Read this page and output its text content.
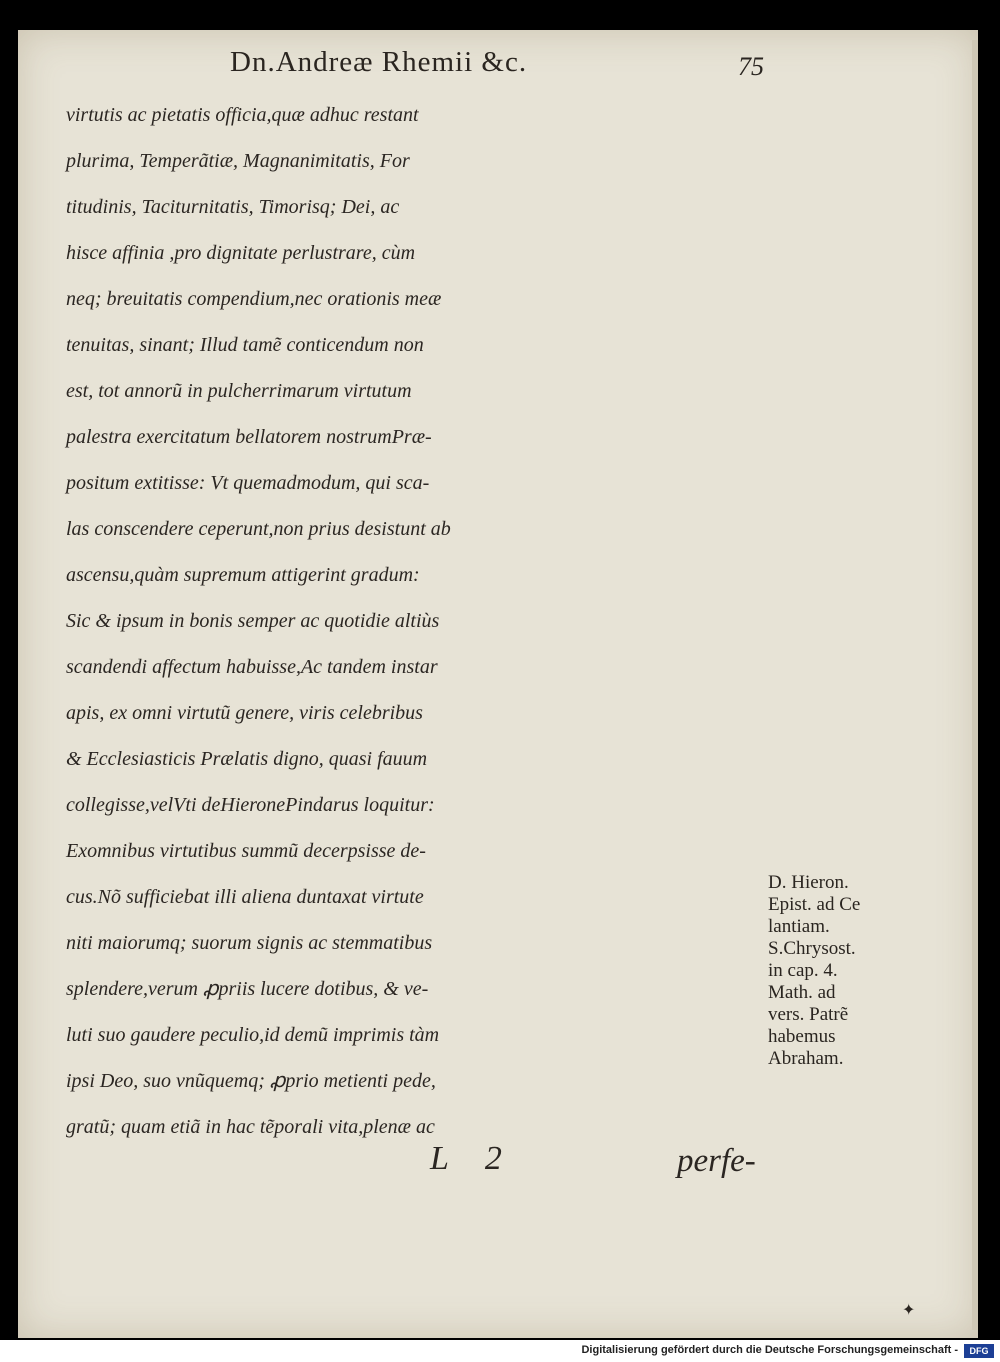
Dn.Andreæ Rhemii &c.	75
virtutis ac pietatis officia,quæ adhuc restant
plurima, Temperãtiæ, Magnanimitatis, For
titudinis, Taciturnitatis, Timorisq; Dei, ac
hisce affinia ,pro dignitate perlustrare, cùm
neq; breuitatis compendium,nec orationis meæ
tenuitas, sinant; Illud tamẽ conticendum non
est, tot annorũ in pulcherrimarum virtutum
palestra exercitatum bellatorem nostrumPræ-
positum extitisse: Vt quemadmodum, qui sca-
las conscendere ceperunt,non prius desistunt ab
ascensu,quàm supremum attigerint gradum:
Sic & ipsum in bonis semper ac quotidie altiùs
scandendi affectum habuisse,Ac tandem instar
apis, ex omni virtutũ genere, viris celebribus
& Ecclesiasticis Prælatis digno, quasi fauum
collegisse,velVti deHieronePindarus loquitur:
Exomnibus virtutibus summũ decerpsisse de-
cus.Nõ sufficiebat illi aliena duntaxat virtute
niti maiorumq; suorum signis ac stemmatibus
splendere,verum ꝓpriis lucere dotibus, & ve-
luti suo gaudere peculio,id demũ imprimis tàm
ipsi Deo, suo vnũquemq; ꝓprio metienti pede,
gratũ; quam etiã in hac tẽporali vita,plenæ ac
L 2	perfe-
D. Hieron.
Epist. ad Ce
lantiam.
S.Chrysost.
in cap. 4.
Math. ad
vers. Patrẽ
habemus
Abraham.
✦
Digitalisierung gefördert durch die Deutsche Forschungsgemeinschaft -	DFG
